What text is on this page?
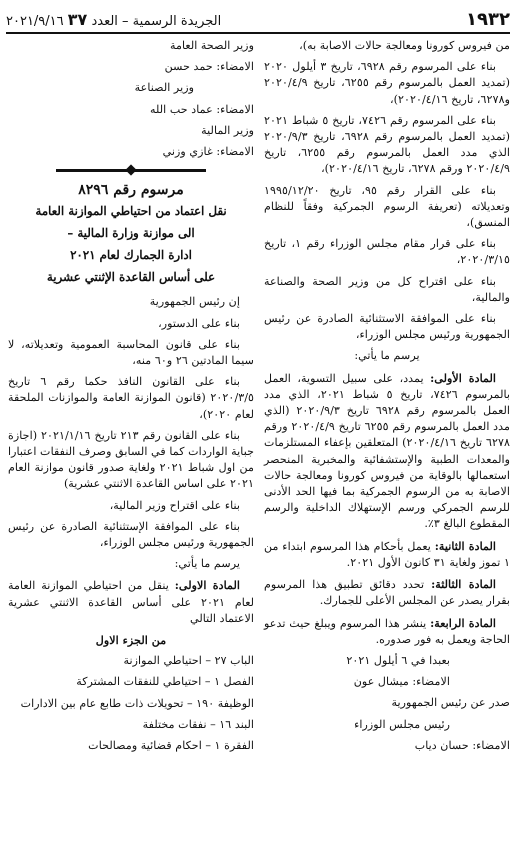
١٩٣٢
الجريدة الرسمية – العدد ٣٧ ٢٠٢١/٩/١٦

من فيروس كورونا ومعالجة حالات الاصابة به)،

بناء على المرسوم رقم ٦٩٢٨، تاريخ ٣ أيلول ٢٠٢٠ (تمديد العمل بالمرسوم رقم ٦٢٥٥، تاريخ ٢٠٢٠/٤/٩ و٦٢٧٨، تاريخ ٢٠٢٠/٤/١٦)،

بناء على المرسوم رقم ٧٤٢٦، تاريخ ٥ شباط ٢٠٢١ (تمديد العمل بالمرسوم رقم ٦٩٢٨، تاريخ ٢٠٢٠/٩/٣ الذي مدد العمل بالمرسوم رقم ٦٢٥٥، تاريخ ٢٠٢٠/٤/٩ ورقم ٦٢٧٨، تاريخ ٢٠٢٠/٤/١٦)،

بناء على القرار رقم ٩٥، تاريخ ١٩٩٥/١٢/٢٠ وتعديلاته (تعريفة الرسوم الجمركية وفقاً للنظام المنسق)،

بناء على قرار مقام مجلس الوزراء رقم ١، تاريخ ٢٠٢٠/٣/١٥،

بناء على اقتراح كل من وزير الصحة والصناعة والمالية،

بناء على الموافقة الاستثنائية الصادرة عن رئيس الجمهورية ورئيس مجلس الوزراء،

يرسم ما يأتي:

المادة الأولى: يمدد، على سبيل التسوية، العمل بالمرسوم ٧٤٢٦، تاريخ ٥ شباط ٢٠٢١، الذي مدد العمل بالمرسوم رقم ٦٩٢٨ تاريخ ٢٠٢٠/٩/٣ (الذي مدد العمل بالمرسوم رقم ٦٢٥٥ تاريخ ٢٠٢٠/٤/٩ ورقم ٦٢٧٨ تاريخ ٢٠٢٠/٤/١٦) المتعلقين بإعفاء المستلزمات والمعدات الطبية والإستشفائية والمخبرية المنحصر استعمالها بالوقاية من فيروس كورونا ومعالجة حالات الاصابة به من الرسوم الجمركية بما فيها الحد الأدنى للرسم الجمركي ورسم الإستهلاك الداخلية والرسم المقطوع البالغ ٣٪.

المادة الثانية: يعمل بأحكام هذا المرسوم ابتداء من ١ تموز ولغاية ٣١ كانون الأول ٢٠٢١.

المادة الثالثة: تحدد دقائق تطبيق هذا المرسوم بقرار يصدر عن المجلس الأعلى للجمارك.

المادة الرابعة: ينشر هذا المرسوم ويبلغ حيث تدعو الحاجة ويعمل به فور صدوره.

بعبدا في ٦ أيلول ٢٠٢١

الامضاء: ميشال عون

صدر عن رئيس الجمهورية

رئيس مجلس الوزراء

الامضاء: حسان دياب

وزير الصحة العامة

الامضاء: حمد حسن

وزير الصناعة

الامضاء: عماد حب الله

وزير المالية

الامضاء: غازي وزني

مرسوم رقم ٨٢٩٦

نقل اعتماد من احتياطي الموازنة العامة

الى موازنة وزارة المالية –

ادارة الجمارك لعام ٢٠٢١

على أساس القاعدة الإثنتي عشرية

إن رئيس الجمهورية

بناء على الدستور،

بناء على قانون المحاسبة العمومية وتعديلاته، لا سيما المادتين ٢٦ و٦٠ منه،

بناء على القانون النافذ حكما رقم ٦ تاريخ ٢٠٢٠/٣/٥ (قانون الموازنة العامة والموازنات الملحقة لعام ٢٠٢٠)،

بناء على القانون رقم ٢١٣ تاريخ ٢٠٢١/١/١٦ (اجازة جباية الواردات كما في السابق وصرف النفقات اعتبارا من اول شباط ٢٠٢١ ولغاية صدور قانون موازنة العام ٢٠٢١ على اساس القاعدة الاثنتي عشرية)

بناء على اقتراح وزير المالية،

بناء على الموافقة الإستثنائية الصادرة عن رئيس الجمهورية ورئيس مجلس الوزراء،

يرسم ما يأتي:

المادة الاولى: ينقل من احتياطي الموازنة العامة لعام ٢٠٢١ على أساس القاعدة الاثنتي عشرية الاعتماد التالي

من الجزء الاول

الباب ٢٧ – احتياطي الموازنة

الفصل ١ – احتياطي للنفقات المشتركة

الوظيفة ١٩٠ – تحويلات ذات طابع عام بين الادارات

البند ١٦ – نفقات مختلفة

الفقرة ١ – احكام قضائية ومصالحات
